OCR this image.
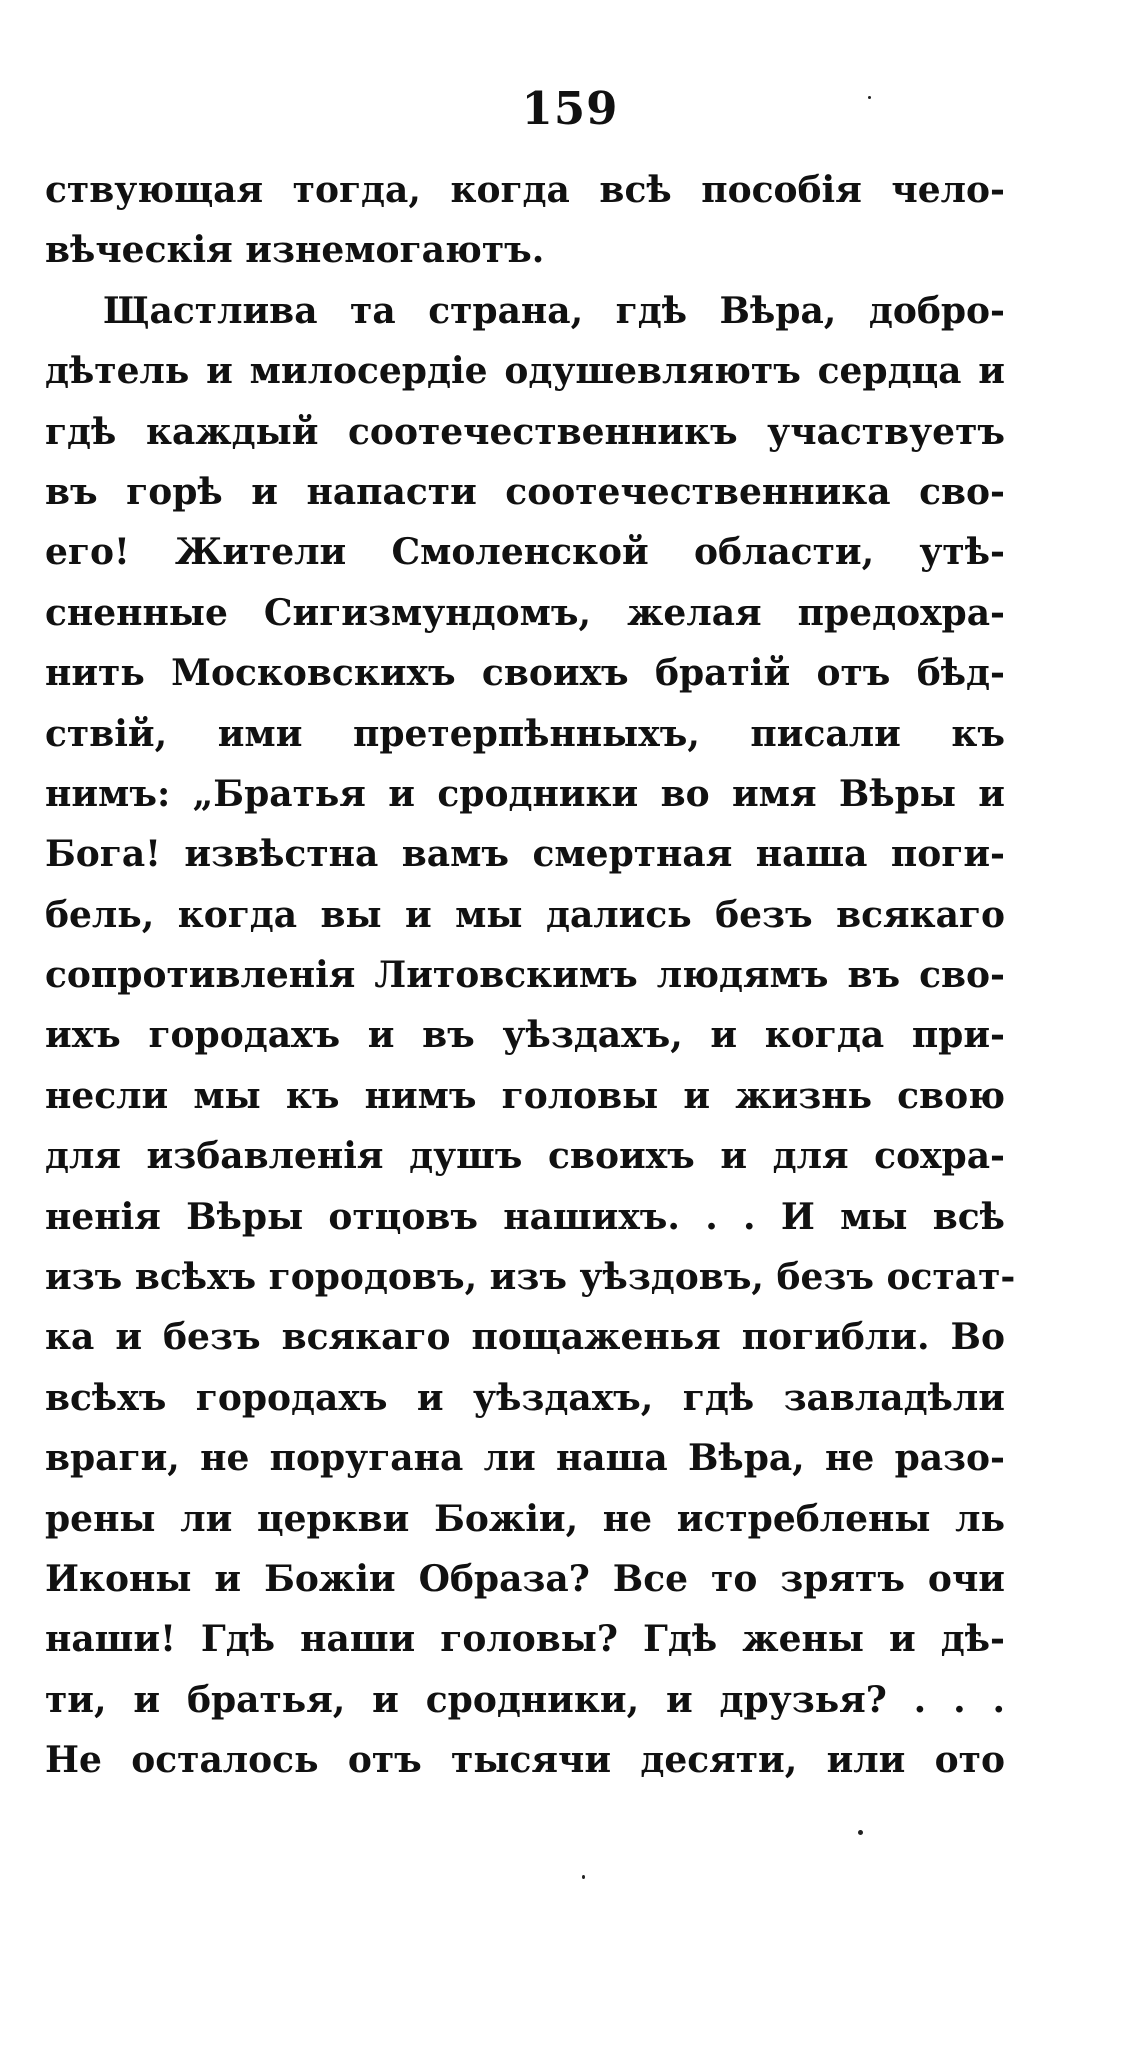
159
ствующая тогда, когда всѣ пособія чело-
вѣческія изнемогаютъ.
Щастлива та страна, гдѣ Вѣра, добро-
дѣтель и милосердіе одушевляютъ сердца и
гдѣ каждый соотечественникъ участвуетъ
въ горѣ и напасти соотечественника сво-
его! Жители Смоленской области, утѣ-
сненные Сигизмундомъ, желая предохра-
нить Московскихъ своихъ братій отъ бѣд-
ствій, ими претерпѣнныхъ, писали къ
нимъ: „Братья и сродники во имя Вѣры и
Бога! извѣстна вамъ смертная наша поги-
бель, когда вы и мы дались безъ всякаго
сопротивленія Литовскимъ людямъ въ сво-
ихъ городахъ и въ уѣздахъ, и когда при-
несли мы къ нимъ головы и жизнь свою
для избавленія душъ своихъ и для сохра-
ненія Вѣры отцовъ нашихъ. . . И мы всѣ
изъ всѣхъ городовъ, изъ уѣздовъ, безъ остат-
ка и безъ всякаго пощаженья погибли. Во
всѣхъ городахъ и уѣздахъ, гдѣ завладѣли
враги, не поругана ли наша Вѣра, не разо-
рены ли церкви Божіи, не истреблены ль
Иконы и Божіи Образа? Все то зрятъ очи
наши! Гдѣ наши головы? Гдѣ жены и дѣ-
ти, и братья, и сродники, и друзья? . . .
Не осталось отъ тысячи десяти, или ото
